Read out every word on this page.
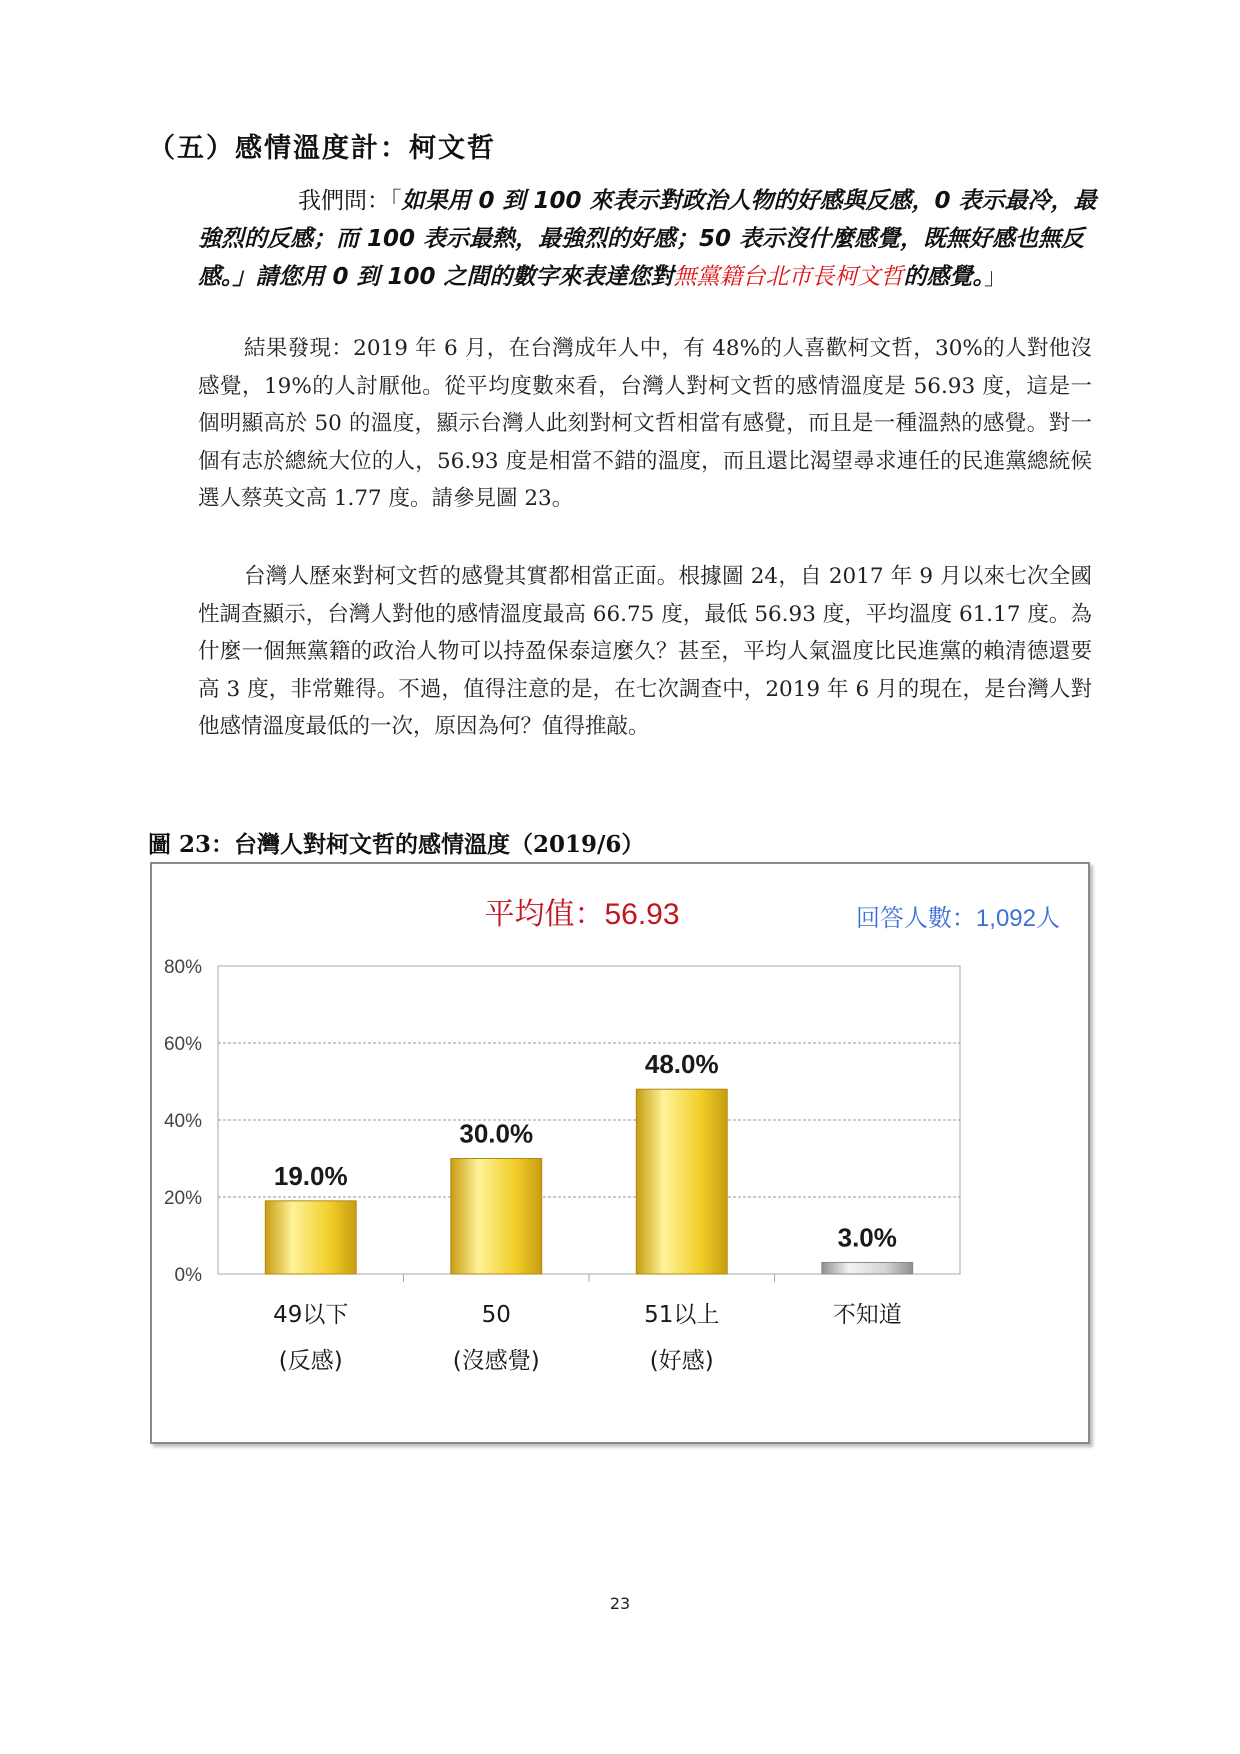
（五）感情溫度計：柯文哲
我們問：「如果用 0 到 100 來表示對政治人物的好感與反感，0 表示最冷，最強烈的反感；而 100 表示最熱，最強烈的好感；50 表示沒什麼感覺，既無好感也無反感。」請您用 0 到 100 之間的數字來表達您對無黨籍台北市長柯文哲的感覺。」
結果發現：2019 年 6 月，在台灣成年人中，有 48%的人喜歡柯文哲，30%的人對他沒感覺，19%的人討厭他。從平均度數來看，台灣人對柯文哲的感情溫度是 56.93 度，這是一個明顯高於 50 的溫度，顯示台灣人此刻對柯文哲相當有感覺，而且是一種溫熱的感覺。對一個有志於總統大位的人，56.93 度是相當不錯的溫度，而且還比渴望尋求連任的民進黨總統候選人蔡英文高 1.77 度。請參見圖 23。
台灣人歷來對柯文哲的感覺其實都相當正面。根據圖 24，自 2017 年 9 月以來七次全國性調查顯示，台灣人對他的感情溫度最高 66.75 度，最低 56.93 度，平均溫度 61.17 度。為什麼一個無黨籍的政治人物可以持盈保泰這麼久？甚至，平均人氣溫度比民進黨的賴清德還要高 3 度，非常難得。不過，值得注意的是，在七次調查中，2019 年 6 月的現在，是台灣人對他感情溫度最低的一次，原因為何？值得推敲。
圖 23：台灣人對柯文哲的感情溫度（2019/6）
平均值：56.93	回答人數：1,092人
0%
20%
40%
60%
80%
19.0%
49以下
(反感)
30.0%
50
(沒感覺)
48.0%
51以上
(好感)
3.0%
不知道
23
